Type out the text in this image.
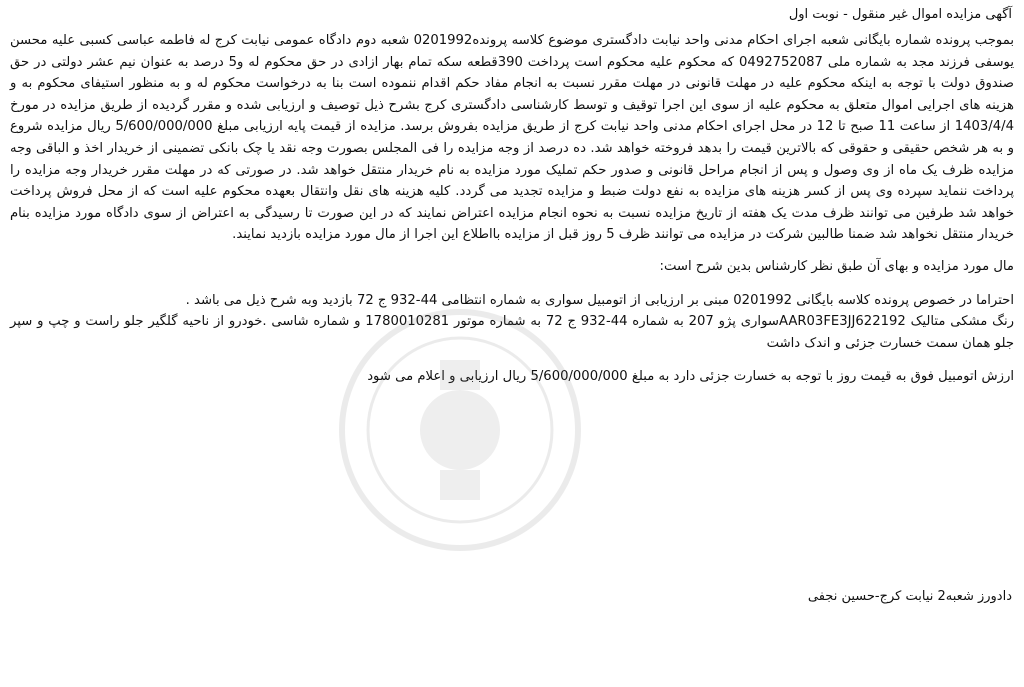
آگهی مزایده اموال غیر منقول - نوبت اول

بموجب پرونده شماره بایگانی شعبه اجرای احکام مدنی واحد نیابت دادگستری موضوع کلاسه پرونده0201992 شعبه دوم دادگاه عمومی نیابت کرج له فاطمه عباسی کسبی علیه محسن یوسفی فرزند مجد به شماره ملی 0492752087 که محکوم علیه محکوم است پرداخت 390قطعه سکه تمام بهار ازادی در حق محکوم له و5 درصد به عنوان نیم عشر دولتی در حق صندوق دولت با توجه به اینکه محکوم علیه در مهلت قانونی در مهلت مقرر نسبت به انجام مفاد حکم اقدام ننموده است بنا به درخواست محکوم له و به منظور استیفای محکوم به و هزینه های اجرایی اموال متعلق به محکوم علیه از سوی این اجرا توقیف و توسط کارشناسی دادگستری کرج بشرح ذیل توصیف و ارزیابی شده و مقرر گردیده از طریق مزایده در مورخ 1403/4/4 از ساعت 11 صبح تا 12 در محل اجرای احکام مدنی واحد نیابت کرج از طریق مزایده بفروش برسد. مزایده از قیمت پایه ارزیابی مبلغ 5/600/000/000 ریال مزایده شروع و به هر شخص حقیقی و حقوقی که بالاترین قیمت را بدهد فروخته خواهد شد. ده درصد از وجه مزایده را فی المجلس بصورت وجه نقد یا چک بانکی تضمینی از خریدار اخذ و الباقی وجه مزایده ظرف یک ماه از وی وصول و پس از انجام مراحل قانونی و صدور حکم تملیک مورد مزایده به نام خریدار منتقل خواهد شد. در صورتی که در مهلت مقرر خریدار وجه مزایده را پرداخت ننماید سپرده وی پس از کسر هزینه های مزایده به نفع دولت ضبط و مزایده تجدید می گردد. کلیه هزینه های نقل وانتقال بعهده محکوم علیه است که از محل فروش پرداخت خواهد شد طرفین می توانند ظرف مدت یک هفته از تاریخ مزایده نسبت به نحوه انجام مزایده اعتراض نمایند که در این صورت تا رسیدگی به اعتراض از سوی دادگاه مورد مزایده بنام خریدار منتقل نخواهد شد ضمنا طالبین شرکت در مزایده می توانند ظرف 5 روز قبل از مزایده بااطلاع این اجرا از مال مورد مزایده بازدید نمایند.

مال مورد مزایده و بهای آن طبق نظر کارشناس بدین شرح است:

احتراما در خصوص پرونده کلاسه بایگانی 0201992 مبنی بر ارزیابی از اتومبیل سواری به شماره انتظامی 44-932 ج 72 بازدید وبه شرح ذیل می باشد .

رنگ مشکی متالیک AAR03FE3JJ622192سواری پژو 207 به شماره 44-932 ج 72 به شماره موتور 1780010281 و شماره شاسی .خودرو از ناحیه گلگیر جلو راست و چپ و سپر جلو همان سمت خسارت جزئی و اندک داشت

ارزش اتومبیل فوق به قیمت روز با توجه به خسارت جزئی دارد به مبلغ 5/600/000/000 ریال ارزیابی و اعلام می شود

دادورز شعبه2 نیابت کرج-حسین نجفی
